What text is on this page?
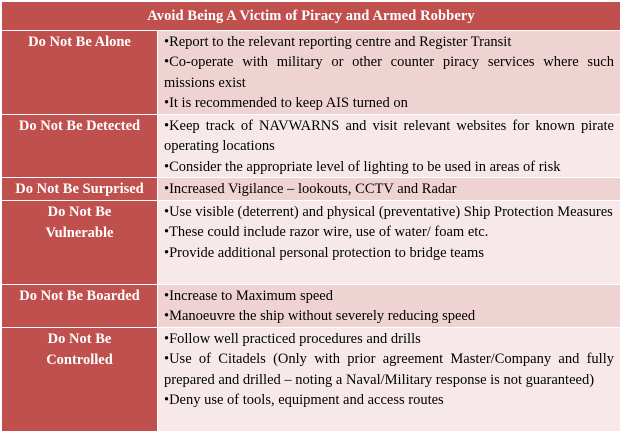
Avoid Being A Victim of Piracy and Armed Robbery	
Do Not Be Alone	•Report to the relevant reporting centre and Register Transit
•Co-operate with military or other counter piracy services where such missions exist
•It is recommended to keep AIS turned on

Do Not Be Detected	•Keep track of NAVWARNS and visit relevant websites for known pirate operating locations
•Consider the appropriate level of lighting to be used in areas of risk

Do Not Be Surprised	•Increased Vigilance – lookouts, CCTV and Radar

Do Not Be Vulnerable	•Use visible (deterrent) and physical (preventative) Ship Protection Measures
•These could include razor wire, use of water/ foam etc.
•Provide additional personal protection to bridge teams

Do Not Be Boarded	•Increase to Maximum speed
•Manoeuvre the ship without severely reducing speed

Do Not Be Controlled	•Follow well practiced procedures and drills
•Use of Citadels (Only with prior agreement Master/Company and fully prepared and drilled – noting a Naval/Military response is not guaranteed)
•Deny use of tools, equipment and access routes
